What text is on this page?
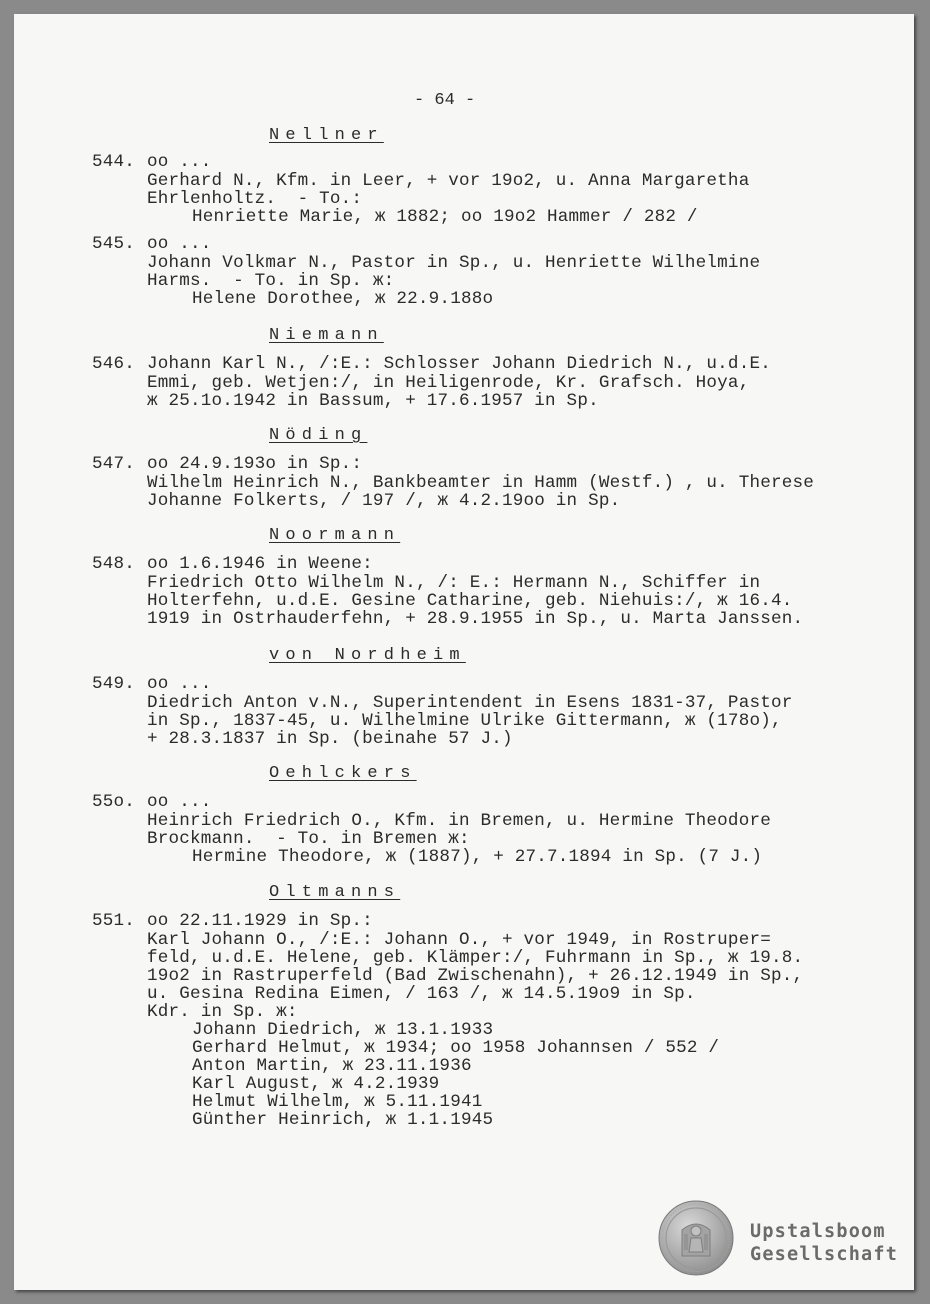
- 64 -
Nellner
544. oo ...
Gerhard N., Kfm. in Leer, + vor 19o2, u. Anna Margaretha
Ehrlenholtz.  - To.:
Henriette Marie, ж 1882; oo 19o2 Hammer / 282 /
545. oo ...
Johann Volkmar N., Pastor in Sp., u. Henriette Wilhelmine
Harms.  - To. in Sp. ж:
Helene Dorothee, ж 22.9.188o
Niemann
546. Johann Karl N., /:E.: Schlosser Johann Diedrich N., u.d.E.
Emmi, geb. Wetjen:/, in Heiligenrode, Kr. Grafsch. Hoya,
ж 25.1o.1942 in Bassum, + 17.6.1957 in Sp.
Nöding
547. oo 24.9.193o in Sp.:
Wilhelm Heinrich N., Bankbeamter in Hamm (Westf.) , u. Therese
Johanne Folkerts, / 197 /, ж 4.2.19oo in Sp.
Noormann
548. oo 1.6.1946 in Weene:
Friedrich Otto Wilhelm N., /: E.: Hermann N., Schiffer in
Holterfehn, u.d.E. Gesine Catharine, geb. Niehuis:/, ж 16.4.
1919 in Ostrhauderfehn, + 28.9.1955 in Sp., u. Marta Janssen.
von Nordheim
549. oo ...
Diedrich Anton v.N., Superintendent in Esens 1831-37, Pastor
in Sp., 1837-45, u. Wilhelmine Ulrike Gittermann, ж (178o),
+ 28.3.1837 in Sp. (beinahe 57 J.)
Oehlckers
55o. oo ...
Heinrich Friedrich O., Kfm. in Bremen, u. Hermine Theodore
Brockmann.  - To. in Bremen ж:
Hermine Theodore, ж (1887), + 27.7.1894 in Sp. (7 J.)
Oltmanns
551. oo 22.11.1929 in Sp.:
Karl Johann O., /:E.: Johann O., + vor 1949, in Rostruper=
feld, u.d.E. Helene, geb. Klämper:/, Fuhrmann in Sp., ж 19.8.
19o2 in Rastruperfeld (Bad Zwischenahn), + 26.12.1949 in Sp.,
u. Gesina Redina Eimen, / 163 /, ж 14.5.19o9 in Sp.
Kdr. in Sp. ж:
Johann Diedrich, ж 13.1.1933
Gerhard Helmut, ж 1934; oo 1958 Johannsen / 552 /
Anton Martin, ж 23.11.1936
Karl August, ж 4.2.1939
Helmut Wilhelm, ж 5.11.1941
Günther Heinrich, ж 1.1.1945
Upstalsboom
Gesellschaft
